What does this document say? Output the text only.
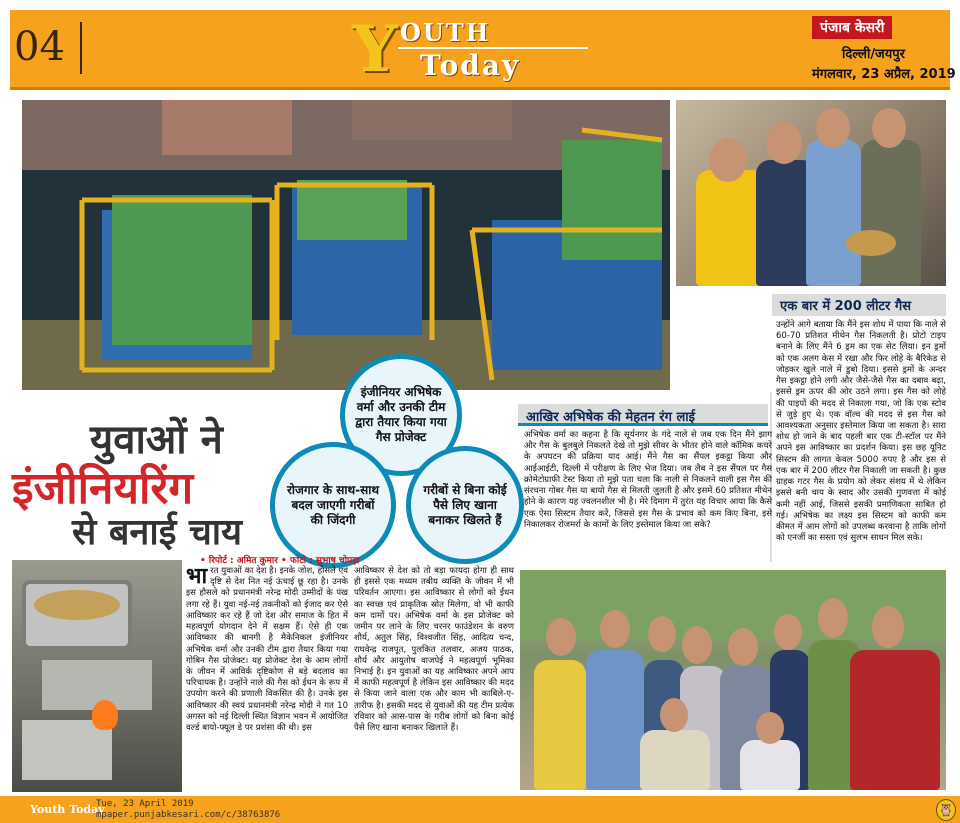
04	Y OUTH
Today
पंजाब केसरी
दिल्ली/जयपुर
मंगलवार, 23 अप्रैल, 2019
एक बार में 200 लीटर गैस
उन्होंने आगे बताया कि मैंने इस शोध में पाया कि नाले से 60-70 प्रतिशत मीथेन गैस निकलती है। प्रोटो टाइप बनाने के लिए मैंने 6 ड्रम का एक सेट लिया। इन ड्रमों को एक अलग केस में रखा और फिर लोहे के बैरिकेड से जोड़कर खुले नाले में डुबो दिया। इससे ड्रमों के अन्दर गैस इकट्ठा होने लगी और जैसे-जैसे गैस का दबाव बढ़ा, इससे ड्रम ऊपर की ओर उठने लगा। इस गैस को लोहे की पाइपों की मदद से निकाला गया, जो कि एक स्टोव से जुड़े हुए थे। एक वॉल्व की मदद से इस गैस को आवश्यकता अनुसार इस्तेमाल किया जा सकता है। सारा शोध हो जाने के बाद पहली बार एक टी-स्टॉल पर मैंने अपने इस आविष्कार का प्रदर्शन किया। इस छह यूनिट सिस्टम की लागत केवल 5000 रुपए है और इस से एक बार में 200 लीटर गैस निकाली जा सकती है। कुछ ग्राहक गटर गैस के प्रयोग को लेकर संशय में थे लेकिन इससे बनी चाय के स्वाद और उसकी गुणवत्ता में कोई कमी नहीं आई, जिससे इसकी प्रमाणिकता साबित हो गई। अभिषेक का लक्ष्य इस सिस्टम को काफी कम कीमत में आम लोगों को उपलब्ध करवाना है ताकि लोगों को एनर्जी का सस्ता एवं सुलभ साधन मिल सके।
युवाओं ने
इंजीनियरिंग
से बनाई चाय
इंजीनियर अभिषेक वर्मा और उनकी टीम द्वारा तैयार किया गया गैस प्रोजेक्ट
रोजगार के साथ-साथ बदल जाएगी गरीबों की जिंदगी
गरीबों से बिना कोई पैसे लिए खाना बनाकर खिलते हैं
आखिर अभिषेक की मेहतन रंग लाई
अभिषेक वर्मा का कहना है कि सूर्यनगर के गंदे नाले से जब एक दिन मैंने झाग और गैस के बुलबुले निकलते देखे तो मुझे सीवर के भीतर होने वाले कॉमिक कचरे के अपघटन की प्रक्रिया याद आई। मैंने गैस का सैंपल इकट्ठा किया और आईआईटी, दिल्ली में परीक्षण के लिए भेज दिया। जब लैब ने इस सैंपल पर गैस क्रोमेटोग्राफी टेस्ट किया तो मुझे पता चला कि नाली से निकलने वाली इस गैस की संरचना गोबर गैस या बायो गैस से मिलती जुलती है और इसमें 60 प्रतिशत मीथेन होने के कारण यह ज्वलनशील भी है। मेरे दिमाग में तुरंत यह विचार आया कि कैसे एक ऐसा सिस्टम तैयार करें, जिससे इस गैस के प्रभाव को कम किए बिना, इसे निकालकर रोजमर्रा के कामों के लिए इस्तेमाल किया जा सके?
• रिपोर्ट : अमित कुमार • फोटो : सुभाष चोपड़ा
भा रत युवाओं का देश है। इनके जोश, हौसले एवं दृष्टि से देश नित नई ऊंचाई छू रहा है। उनके इस हौसले को प्रधानमंत्री नरेन्द्र मोदी उम्मीदों के पंख लगा रहे हैं। युवा नई-नई तकनीकों को ईजाद कर ऐसे आविष्कार कर रहे हैं जो देश और समाज के हित में महत्वपूर्ण योगदान देने में सक्षम हैं। ऐसे ही एक आविष्कार की बानगी है मैकेनिकल इंजीनियर अभिषेक वर्मा और उनकी टीम द्वारा तैयार किया गया गोबिन गैस प्रोजेक्ट। यह प्रोजेक्ट देश के आम लोगों के जीवन में आविर्क दृष्टिकोण से बड़े बदलाव का परिचायक है। उन्होंने नाले की गैस को ईंधन के रूप में उपयोग करने की प्रणाली विकसित की है। उनके इस आविष्कार की स्वयं प्रधानमंत्री नरेन्द्र मोदी ने गत 10 अगस्त को नई दिल्ली स्थित विज्ञान भवन में आयोजित वर्ल्ड बायो-फ्यूल डे पर प्रशंसा की थी। इस
आविष्कार से देश को तो बड़ा फायदा होगा ही साथ ही इससे एक मध्यम तबीय व्यक्ति के जीवन में भी परिवर्तन आएगा। इस आविष्कार से लोगों को ईंधन का स्वच्छ एवं प्राकृतिक स्रोत मिलेगा, वो भी काफी कम दामों पर। अभिषेक वर्मा के इस प्रोजेक्ट को जमीन पर लाने के लिए चरनर फाउंडेशन के वरुण शौर्य, अतुल सिंह, विश्वजीत सिंह, आदित्य चन्द, राघवेन्द्र राजपूत, पुलकित तलवार, अजय पाठक, शौर्य और आयुतोष वाजपेई ने महत्वपूर्ण भूमिका निभाई है। इन युवाओं का यह आविष्कार अपने आप में काफी महत्वपूर्ण है लेकिन इस आविष्कार की मदद से किया जाने वाला एक और काम भी काबिले-ए-तारीफ है। इसकी मदद से युवाओं की यह टीम प्रत्येक रविवार को आस-पास के गरीब लोगों को बिना कोई पैसे लिए खाना बनाकर खिलाते हैं।
Youth Today
Tue, 23 April 2019
mpaper.punjabkesari.com/c/38763876	🦉
